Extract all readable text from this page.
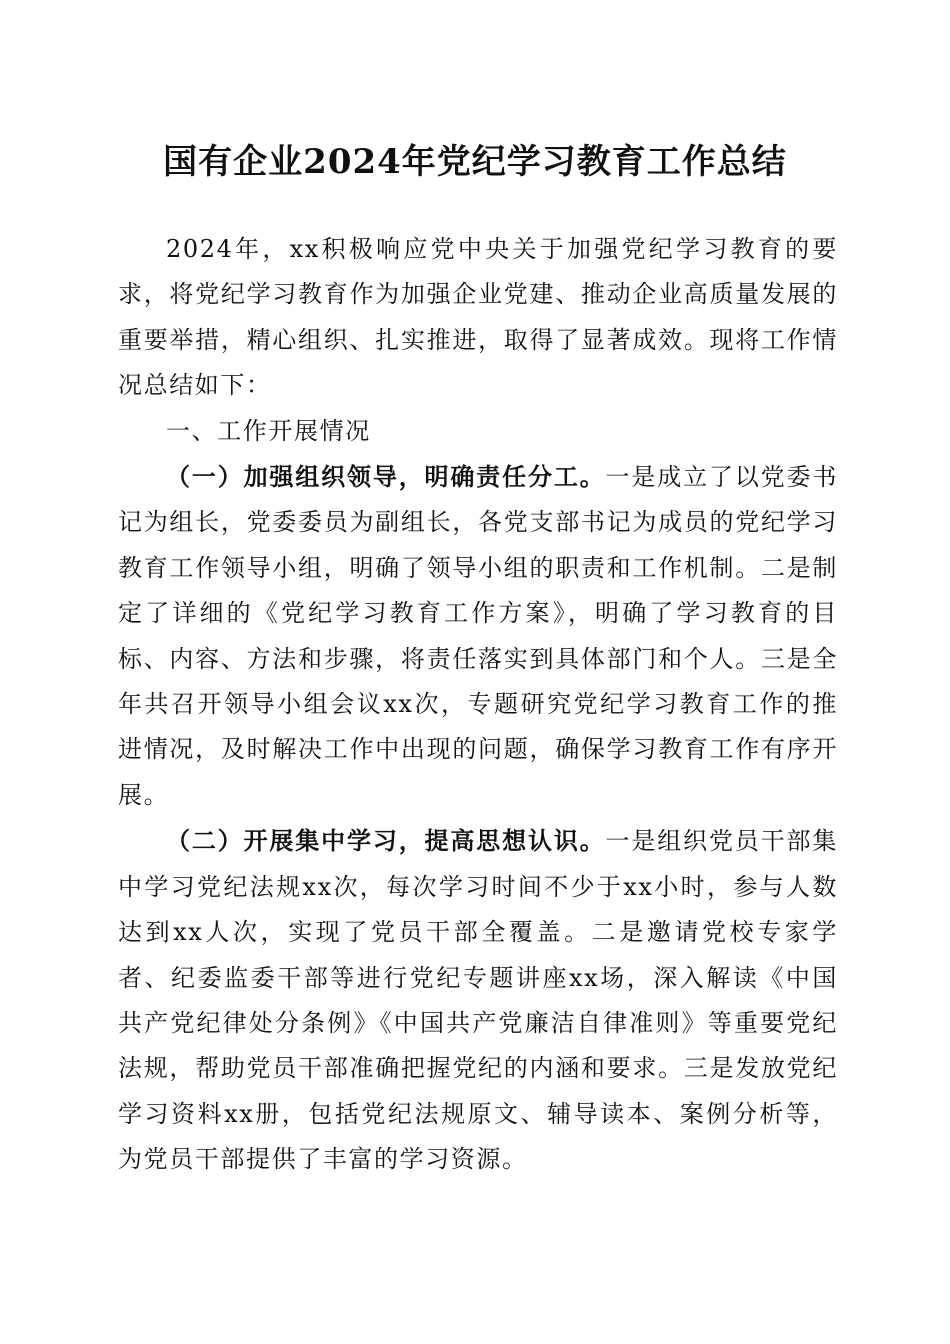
国有企业2024年党纪学习教育工作总结

2024年，xx积极响应党中央关于加强党纪学习教育的要求，将党纪学习教育作为加强企业党建、推动企业高质量发展的重要举措，精心组织、扎实推进，取得了显著成效。现将工作情况总结如下：

一、工作开展情况

（一）加强组织领导，明确责任分工。一是成立了以党委书记为组长，党委委员为副组长，各党支部书记为成员的党纪学习教育工作领导小组，明确了领导小组的职责和工作机制。二是制定了详细的《党纪学习教育工作方案》，明确了学习教育的目标、内容、方法和步骤，将责任落实到具体部门和个人。三是全年共召开领导小组会议xx次，专题研究党纪学习教育工作的推进情况，及时解决工作中出现的问题，确保学习教育工作有序开展。

（二）开展集中学习，提高思想认识。一是组织党员干部集中学习党纪法规xx次，每次学习时间不少于xx小时，参与人数达到xx人次，实现了党员干部全覆盖。二是邀请党校专家学者、纪委监委干部等进行党纪专题讲座xx场，深入解读《中国共产党纪律处分条例》《中国共产党廉洁自律准则》等重要党纪法规，帮助党员干部准确把握党纪的内涵和要求。三是发放党纪学习资料xx册，包括党纪法规原文、辅导读本、案例分析等，为党员干部提供了丰富的学习资源。
